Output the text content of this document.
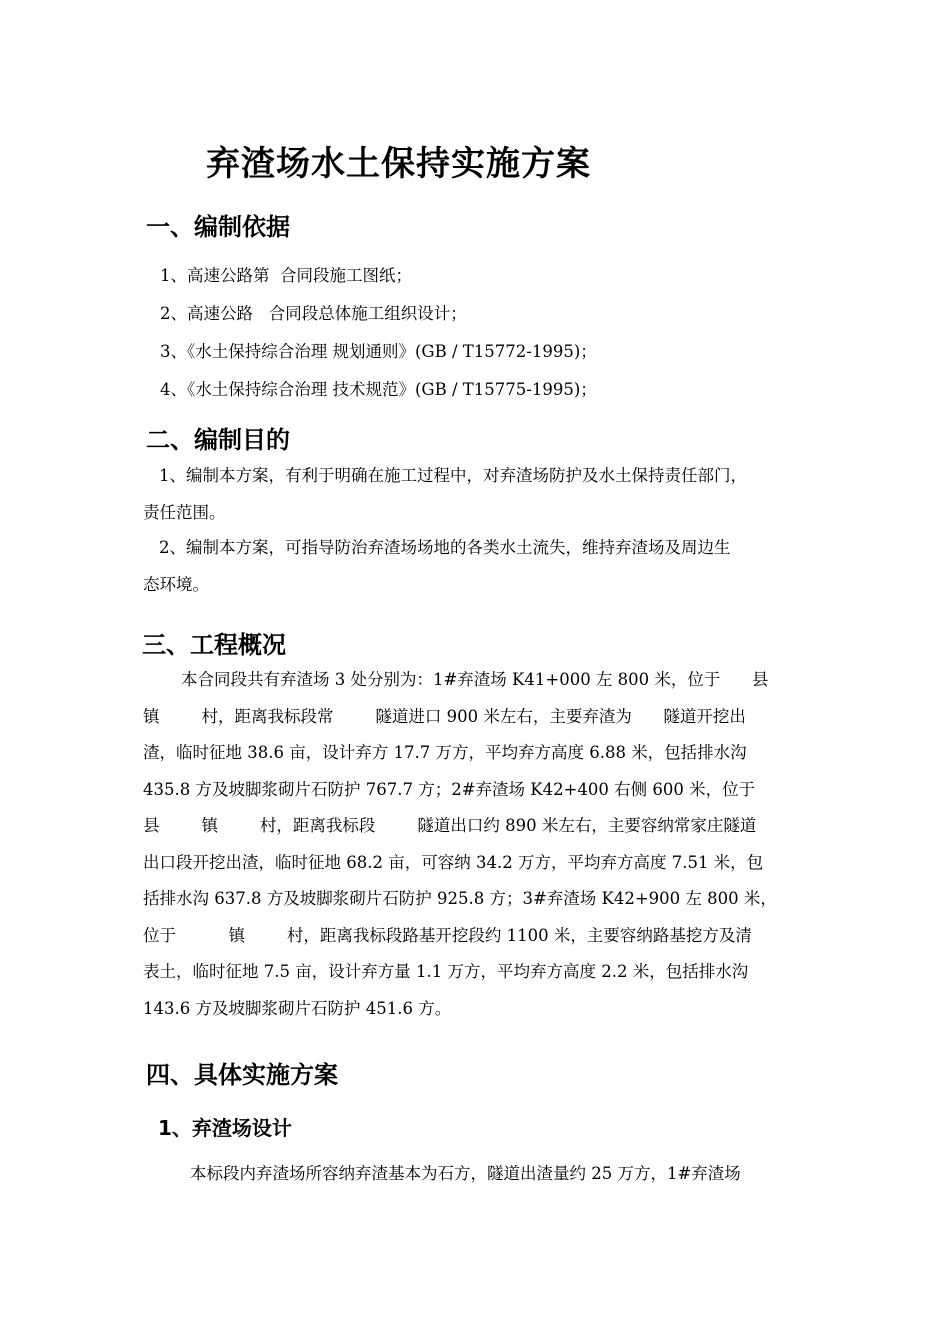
弃渣场水土保持实施方案
一、编制依据
1、高速公路第  合同段施工图纸；
2、高速公路   合同段总体施工组织设计；
3、《水土保持综合治理 规划通则》(GB / T15772-1995)；
4、《水土保持综合治理 技术规范》(GB / T15775-1995)；
二、编制目的
1、编制本方案，有利于明确在施工过程中，对弃渣场防护及水土保持责任部门，
责任范围。
2、编制本方案，可指导防治弃渣场场地的各类水土流失，维持弃渣场及周边生
态环境。
三、工程概况
本合同段共有弃渣场 3 处分别为：1#弃渣场 K41+000 左 800 米，位于      县
镇        村，距离我标段常        隧道进口 900 米左右，主要弃渣为      隧道开挖出
渣，临时征地 38.6 亩，设计弃方 17.7 万方，平均弃方高度 6.88 米，包括排水沟
435.8 方及坡脚浆砌片石防护 767.7 方；2#弃渣场 K42+400 右侧 600 米，位于
县        镇        村，距离我标段        隧道出口约 890 米左右，主要容纳常家庄隧道
出口段开挖出渣，临时征地 68.2 亩，可容纳 34.2 万方，平均弃方高度 7.51 米，包
括排水沟 637.8 方及坡脚浆砌片石防护 925.8 方；3#弃渣场 K42+900 左 800 米，
位于          镇        村，距离我标段路基开挖段约 1100 米，主要容纳路基挖方及清
表土，临时征地 7.5 亩，设计弃方量 1.1 万方，平均弃方高度 2.2 米，包括排水沟
143.6 方及坡脚浆砌片石防护 451.6 方。
四、具体实施方案
1、弃渣场设计
本标段内弃渣场所容纳弃渣基本为石方，隧道出渣量约 25 万方，1#弃渣场
